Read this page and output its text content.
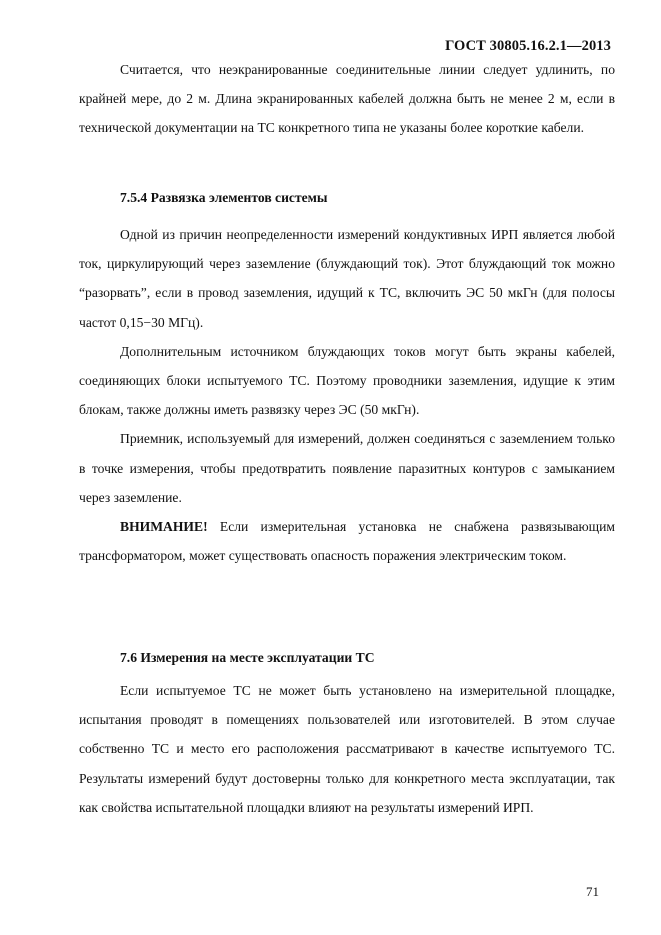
ГОСТ 30805.16.2.1—2013

Считается, что неэкранированные соединительные линии следует удлинить, по крайней мере, до 2 м. Длина экранированных кабелей должна быть не менее 2 м, если в технической документации на ТС конкретного типа не указаны более короткие кабели.

7.5.4 Развязка элементов системы

Одной из причин неопределенности измерений кондуктивных ИРП является любой ток, циркулирующий через заземление (блуждающий ток). Этот блуждающий ток можно “разорвать”, если в провод заземления, идущий к ТС, включить ЭС 50 мкГн (для полосы частот 0,15−30 МГц).

Дополнительным источником блуждающих токов могут быть экраны кабелей, соединяющих блоки испытуемого ТС. Поэтому проводники заземления, идущие к этим блокам, также должны иметь развязку через ЭС (50 мкГн).

Приемник, используемый для измерений, должен соединяться с заземлением только в точке измерения, чтобы предотвратить появление паразитных контуров с замыканием через заземление.

ВНИМАНИЕ! Если измерительная установка не снабжена развязывающим трансформатором, может существовать опасность поражения электрическим током.

7.6 Измерения на месте эксплуатации ТС

Если испытуемое ТС не может быть установлено на измерительной площадке, испытания проводят в помещениях пользователей или изготовителей. В этом случае собственно ТС и место его расположения рассматривают в качестве испытуемого ТС. Результаты измерений будут достоверны только для конкретного места эксплуатации, так как свойства испытательной площадки влияют на результаты измерений ИРП.

71
